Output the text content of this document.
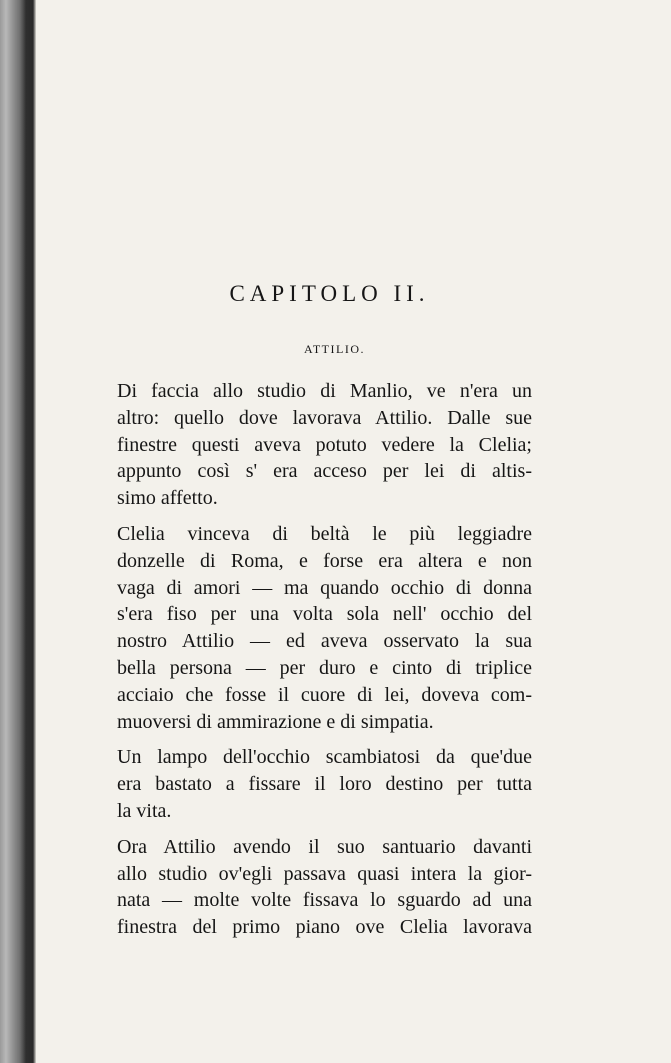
CAPITOLO II.
ATTILIO.

Di faccia allo studio di Manlio, ve n'era un
altro: quello dove lavorava Attilio. Dalle sue
finestre questi aveva potuto vedere la Clelia;
appunto così s' era acceso per lei di altis-
simo affetto.

Clelia vinceva di beltà le più leggiadre
donzelle di Roma, e forse era altera e non
vaga di amori — ma quando occhio di donna
s'era fiso per una volta sola nell' occhio del
nostro Attilio — ed aveva osservato la sua
bella persona — per duro e cinto di triplice
acciaio che fosse il cuore di lei, doveva com-
muoversi di ammirazione e di simpatia.

Un lampo dell'occhio scambiatosi da que'due
era bastato a fissare il loro destino per tutta
la vita.

Ora Attilio avendo il suo santuario davanti
allo studio ov'egli passava quasi intera la gior-
nata — molte volte fissava lo sguardo ad una
finestra del primo piano ove Clelia lavorava
